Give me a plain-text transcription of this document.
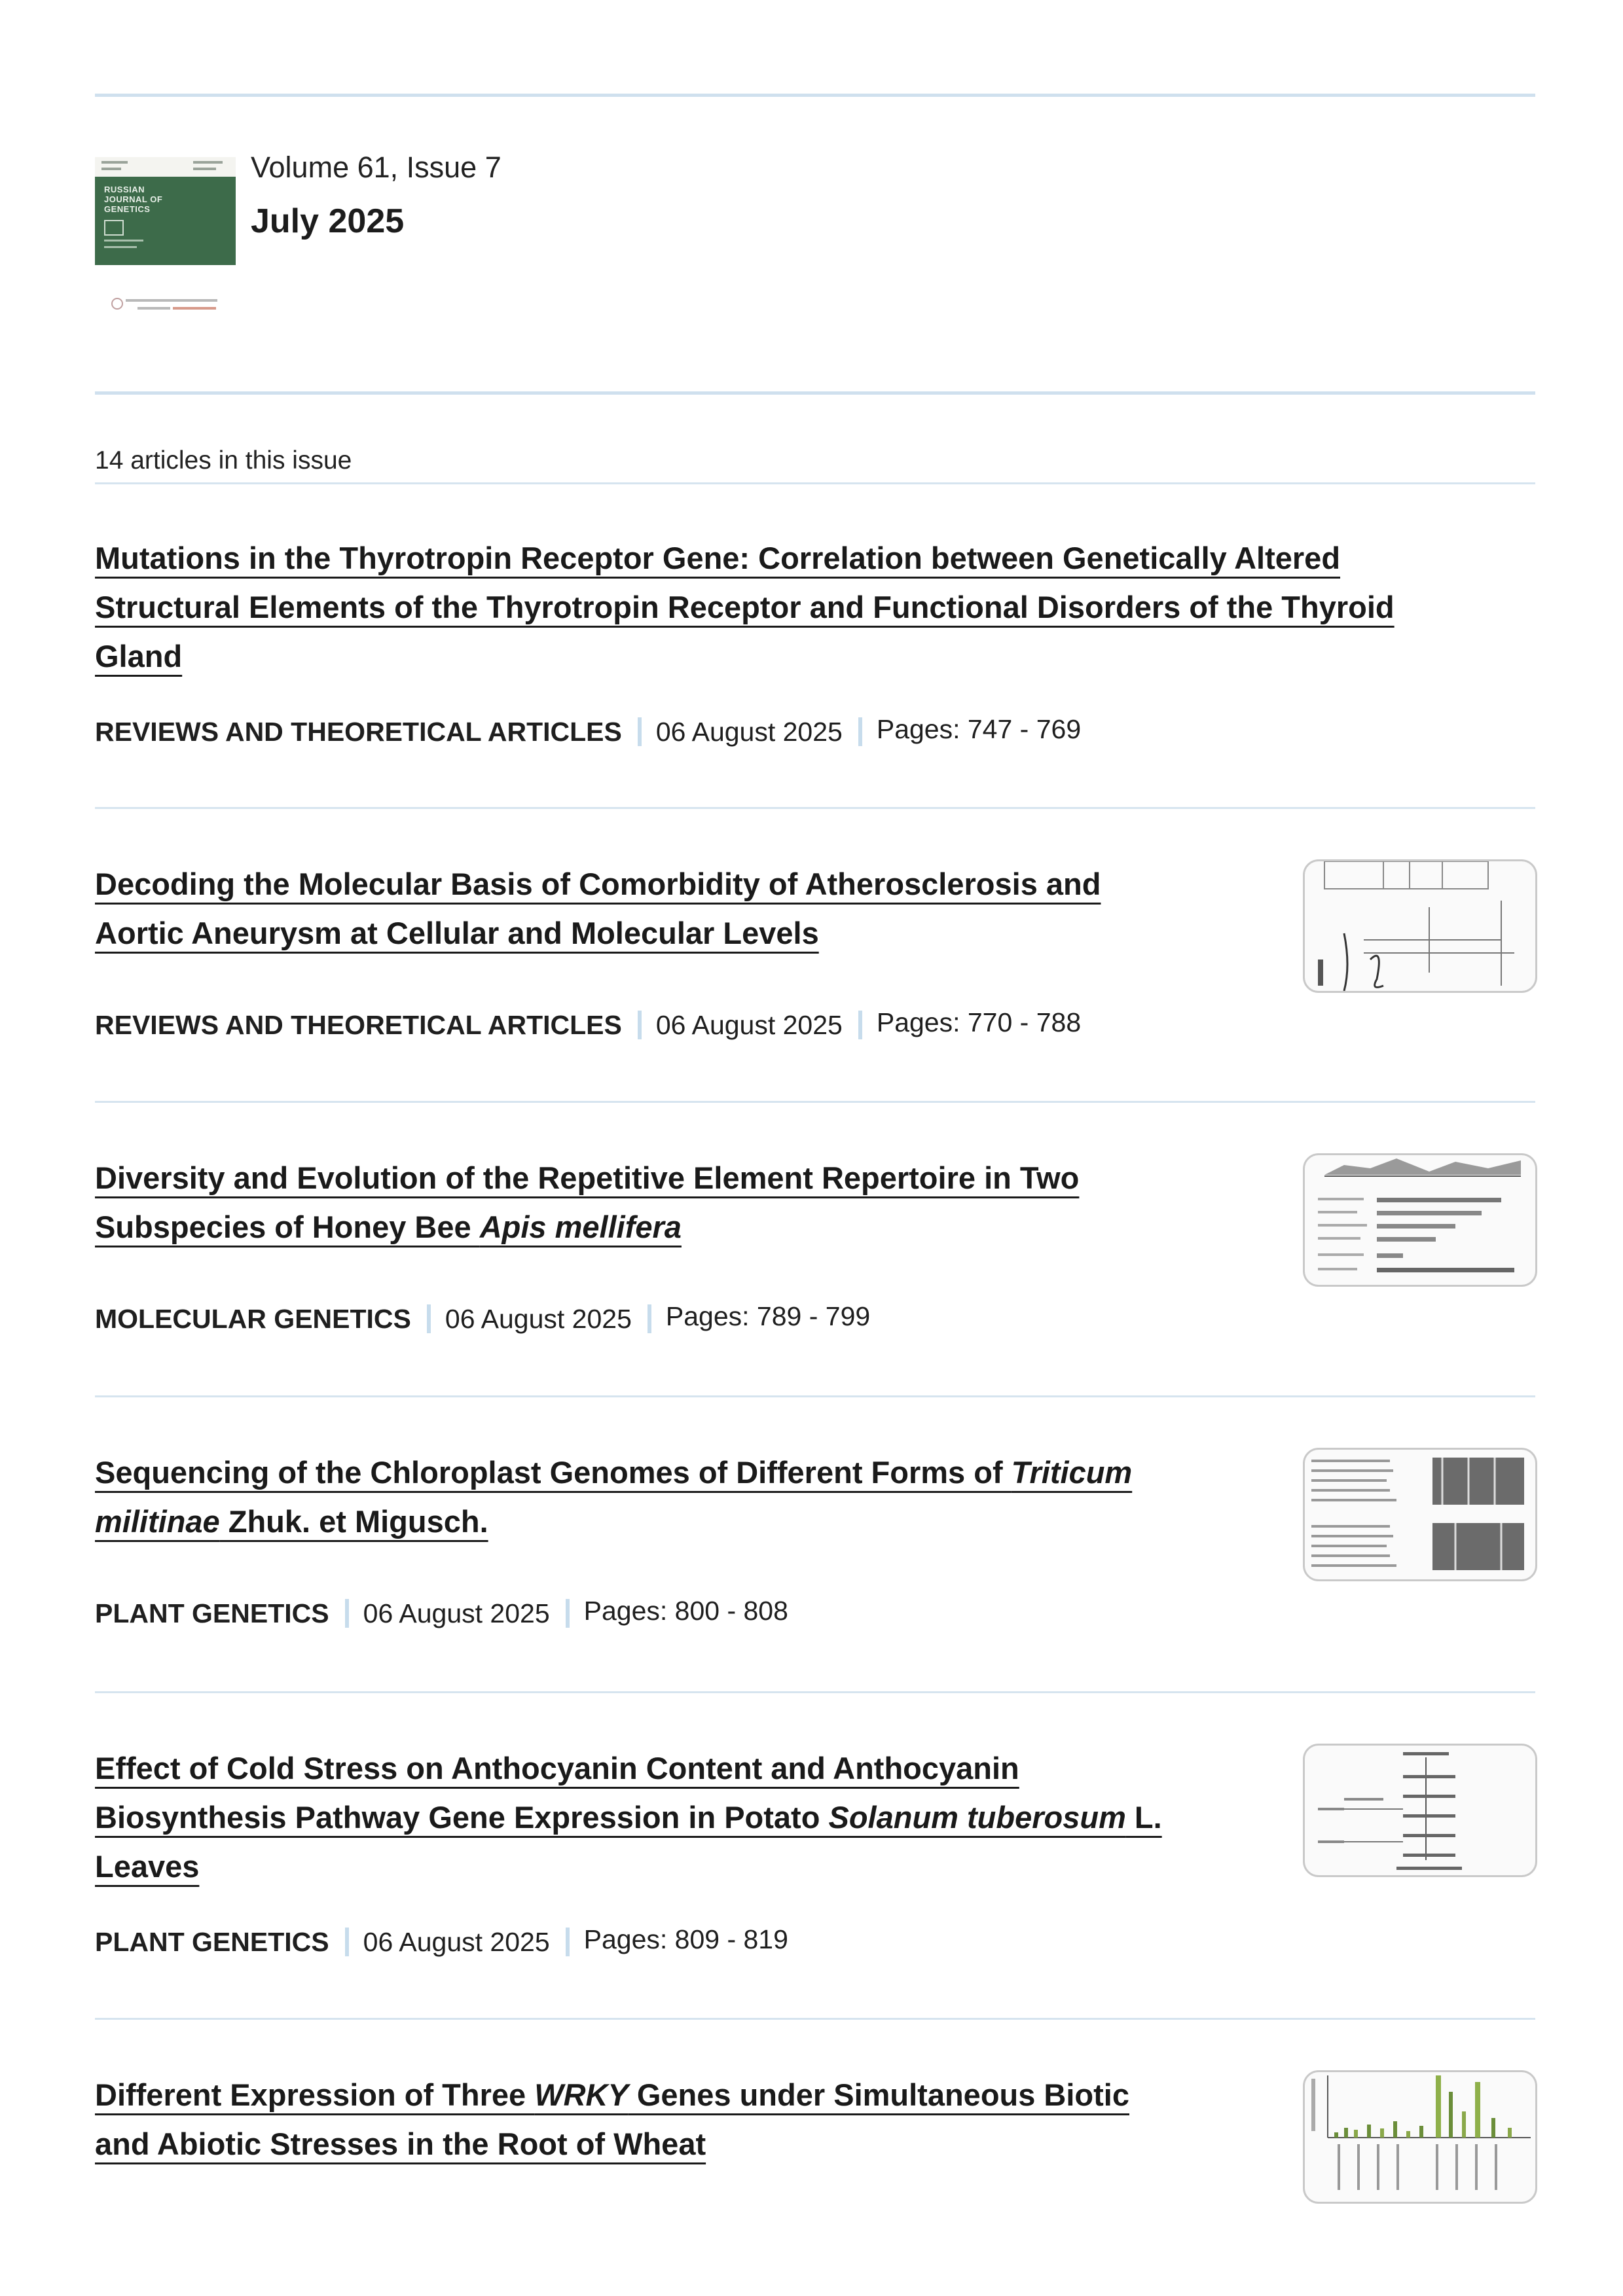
RUSSIAN JOURNAL OF GENETICS
Volume 61, Issue 7
July 2025
14 articles in this issue
Mutations in the Thyrotropin Receptor Gene: Correlation between Genetically Altered
Structural Elements of the Thyrotropin Receptor and Functional Disorders of the Thyroid
Gland
REVIEWS AND THEORETICAL ARTICLES 06 August 2025 Pages: 747 - 769
Decoding the Molecular Basis of Comorbidity of Atherosclerosis and
Aortic Aneurysm at Cellular and Molecular Levels
REVIEWS AND THEORETICAL ARTICLES 06 August 2025 Pages: 770 - 788
Diversity and Evolution of the Repetitive Element Repertoire in Two
Subspecies of Honey Bee Apis mellifera
MOLECULAR GENETICS 06 August 2025 Pages: 789 - 799
Sequencing of the Chloroplast Genomes of Different Forms of Triticum
militinae Zhuk. et Migusch.
PLANT GENETICS 06 August 2025 Pages: 800 - 808
Effect of Cold Stress on Anthocyanin Content and Anthocyanin
Biosynthesis Pathway Gene Expression in Potato Solanum tuberosum L.
Leaves
PLANT GENETICS 06 August 2025 Pages: 809 - 819
Different Expression of Three WRKY Genes under Simultaneous Biotic
and Abiotic Stresses in the Root of Wheat
